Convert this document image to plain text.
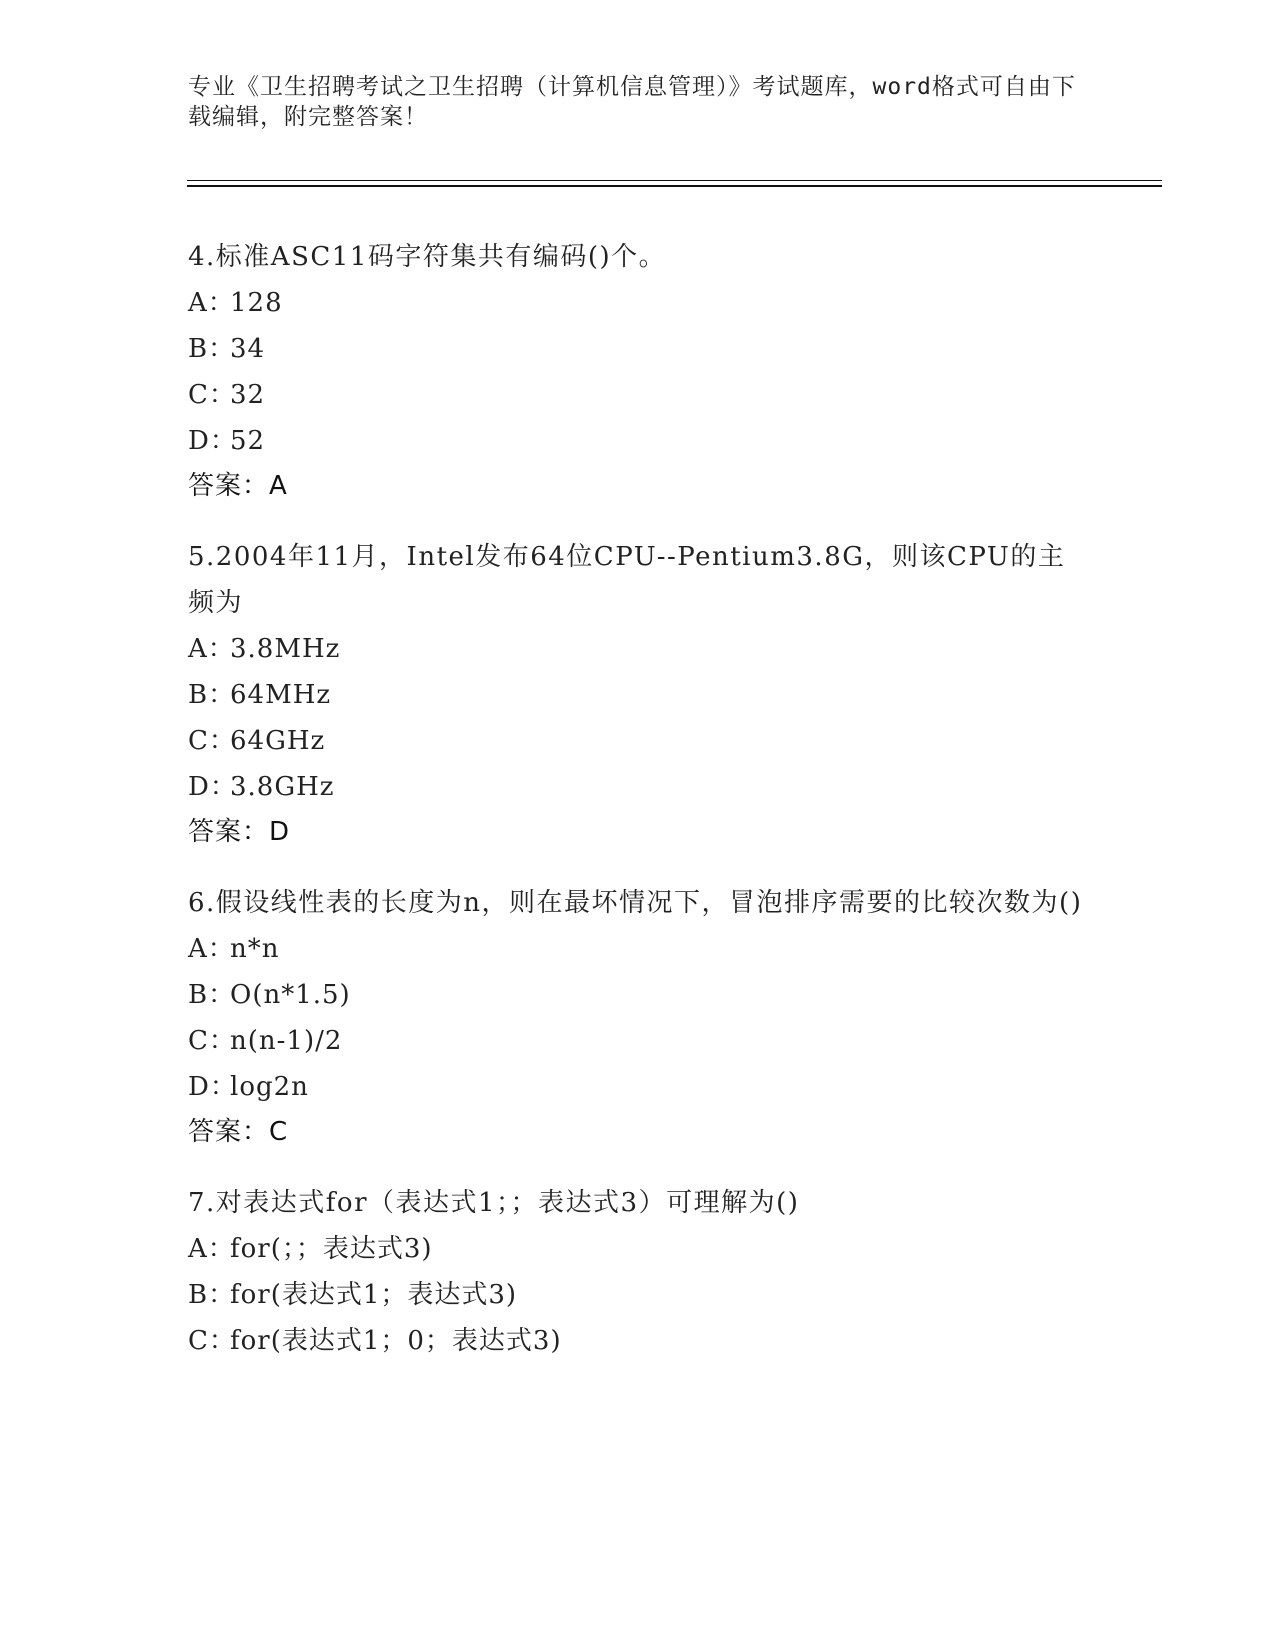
专业《卫生招聘考试之卫生招聘（计算机信息管理）》考试题库，word格式可自由下载编辑，附完整答案！
4.标准ASC11码字符集共有编码()个。
A：128
B：34
C：32
D：52
答案：A
5.2004年11月，Intel发布64位CPU--Pentium3.8G，则该CPU的主频为
A：3.8MHz
B：64MHz
C：64GHz
D：3.8GHz
答案：D
6.假设线性表的长度为n，则在最坏情况下，冒泡排序需要的比较次数为()
A：n*n
B：O(n*1.5)
C：n(n-1)/2
D：log2n
答案：C
7.对表达式for（表达式1；；表达式3）可理解为()
A：for(；；表达式3)
B：for(表达式1；表达式3)
C：for(表达式1；0；表达式3)
